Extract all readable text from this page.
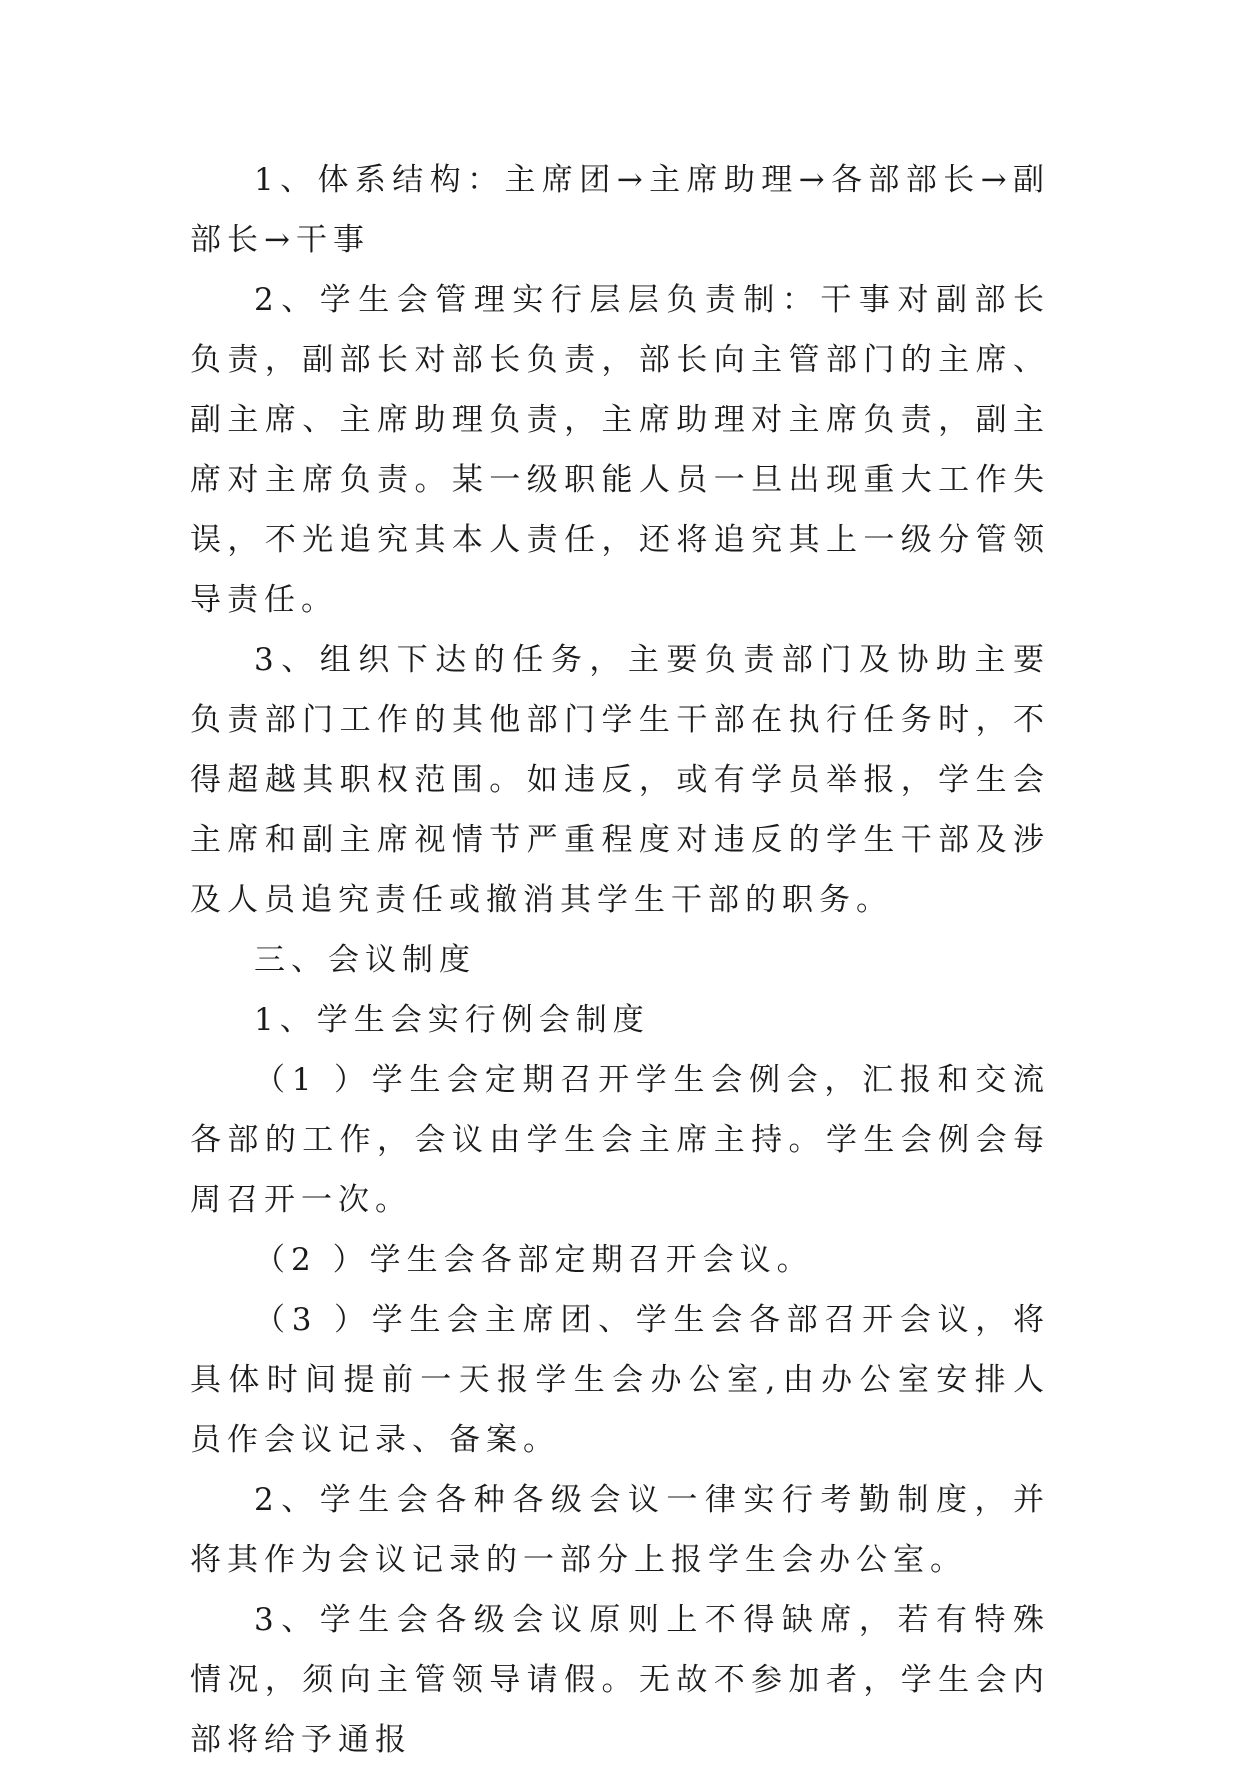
1、体系结构：主席团→主席助理→各部部长→副部长→干事

2、学生会管理实行层层负责制：干事对副部长负责，副部长对部长负责，部长向主管部门的主席、副主席、主席助理负责，主席助理对主席负责，副主席对主席负责。某一级职能人员一旦出现重大工作失误，不光追究其本人责任，还将追究其上一级分管领导责任。

3、组织下达的任务，主要负责部门及协助主要负责部门工作的其他部门学生干部在执行任务时，不得超越其职权范围。如违反，或有学员举报，学生会主席和副主席视情节严重程度对违反的学生干部及涉及人员追究责任或撤消其学生干部的职务。

三、会议制度

1、学生会实行例会制度

（1 ）学生会定期召开学生会例会，汇报和交流各部的工作，会议由学生会主席主持。学生会例会每周召开一次。

（2 ）学生会各部定期召开会议。

（3 ）学生会主席团、学生会各部召开会议，将具体时间提前一天报学生会办公室,由办公室安排人员作会议记录、备案。

2、学生会各种各级会议一律实行考勤制度，并将其作为会议记录的一部分上报学生会办公室。

3、学生会各级会议原则上不得缺席，若有特殊情况，须向主管领导请假。无故不参加者，学生会内部将给予通报
